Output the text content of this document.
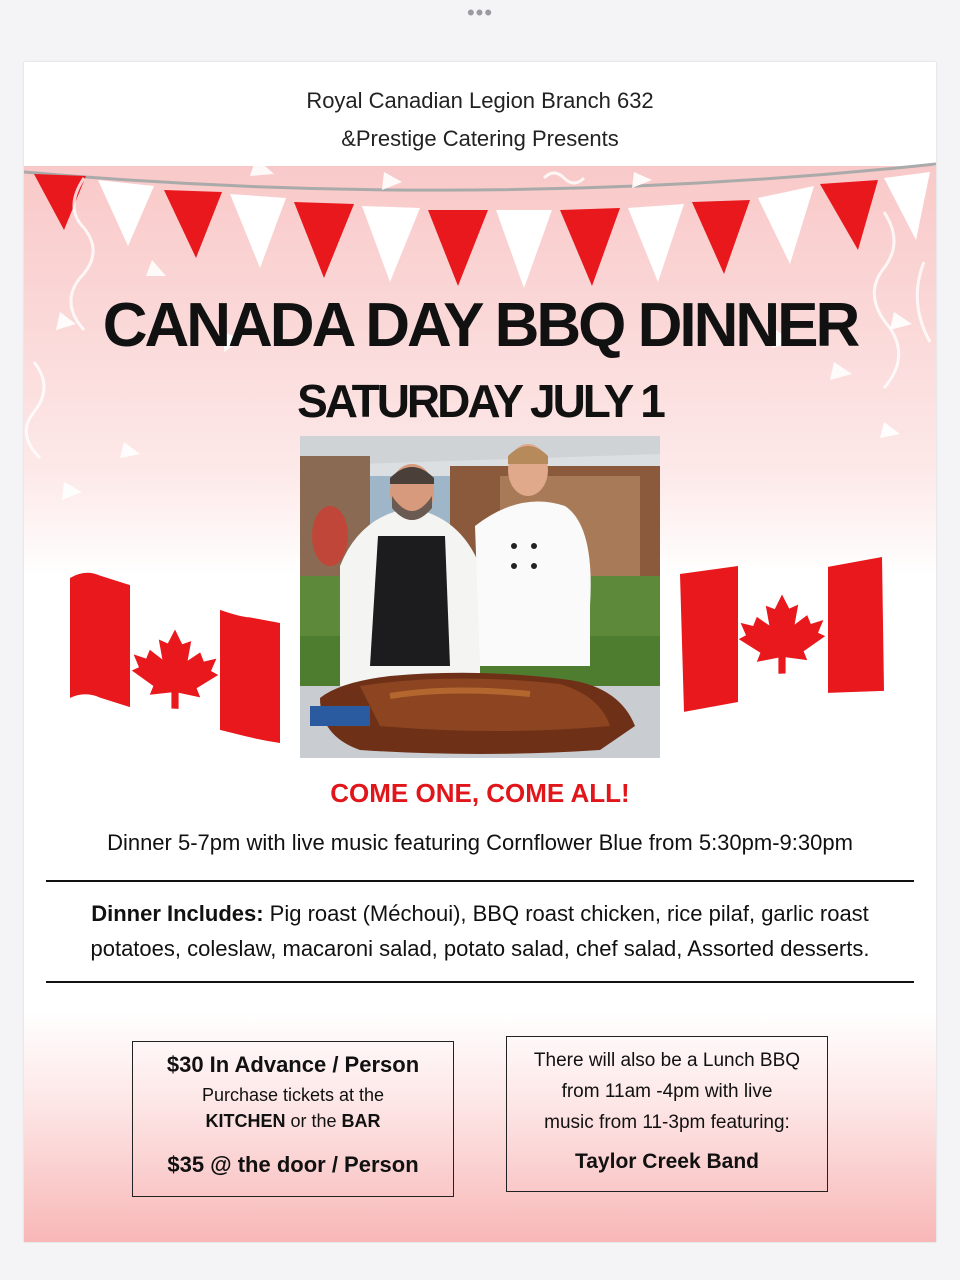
•••
Royal Canadian Legion Branch 632
&Prestige Catering Presents
CANADA DAY BBQ DINNER
SATURDAY JULY 1
COME ONE, COME ALL!
Dinner 5-7pm with live music featuring Cornflower Blue from 5:30pm-9:30pm
Dinner Includes: Pig roast (Méchoui), BBQ roast chicken, rice pilaf, garlic roast potatoes, coleslaw, macaroni salad, potato salad, chef salad, Assorted desserts.
$30 In Advance / Person
Purchase tickets at the
KITCHEN or the BAR
$35 @ the door / Person
There will also be a Lunch BBQ
from 11am -4pm with live
music from 11-3pm featuring:
Taylor Creek Band
